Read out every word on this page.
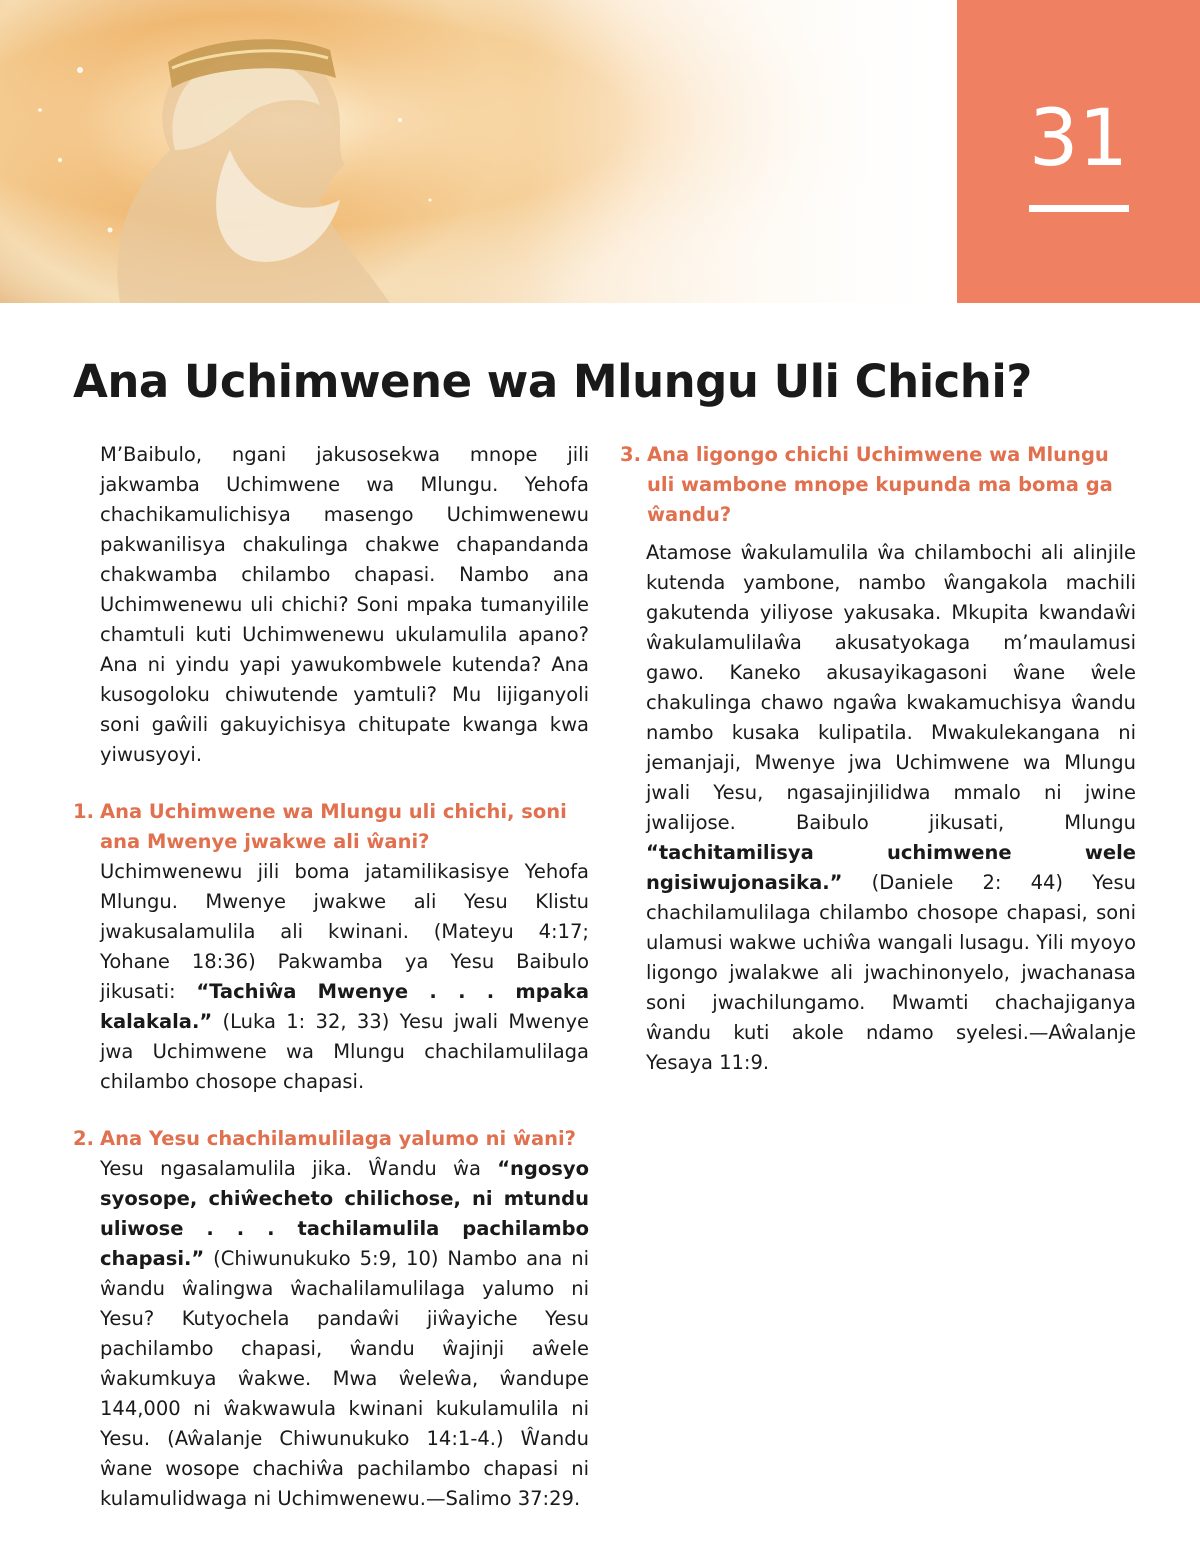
31
Ana Uchimwene wa Mlungu Uli Chichi?

M’Baibulo, ngani jakusosekwa mnope jili jakwamba Uchimwene wa Mlungu. Yehofa chachikamulichisya masengo Uchimwenewu pakwanilisya chakulinga chakwe chapandanda chakwamba chilambo chapasi. Nambo ana Uchimwenewu uli chichi? Soni mpaka tumanyilile chamtuli kuti Uchimwenewu ukulamulila apano? Ana ni yindu yapi yawukombwele kutenda? Ana kusogoloku chiwutende yamtuli? Mu lijiganyoli soni gaŵili gakuyichisya chitupate kwanga kwa yiwusyoyi.

1. Ana Uchimwene wa Mlungu uli chichi, soni ana Mwenye jwakwe ali ŵani?

Uchimwenewu jili boma jatamilikasisye Yehofa Mlungu. Mwenye jwakwe ali Yesu Klistu jwakusalamulila ali kwinani. (Mateyu 4:17; Yohane 18:36) Pakwamba ya Yesu Baibulo jikusati: “Tachiŵa Mwenye . . . mpaka kalakala.” (Luka 1: 32, 33) Yesu jwali Mwenye jwa Uchimwene wa Mlungu chachilamulilaga chilambo chosope chapasi.

2. Ana Yesu chachilamulilaga yalumo ni ŵani?

Yesu ngasalamulila jika. Ŵandu ŵa “ngosyo syosope, chiŵecheto chilichose, ni mtundu uliwose . . . tachilamulila pachilambo chapasi.” (Chiwunukuko 5:9, 10) Nambo ana ni ŵandu ŵalingwa ŵachalilamulilaga yalumo ni Yesu? Kutyochela pandaŵi jiŵayiche Yesu pachilambo chapasi, ŵandu ŵajinji aŵele ŵakumkuya ŵakwe. Mwa ŵeleŵa, ŵandupe 144,000 ni ŵakwawula kwinani kukulamulila ni Yesu. (Aŵalanje Chiwunukuko 14:1-4.) Ŵandu ŵane wosope chachiŵa pachilambo chapasi ni kulamulidwaga ni Uchimwenewu.—Salimo 37:29.

3. Ana ligongo chichi Uchimwene wa Mlungu uli wambone mnope kupunda ma boma ga ŵandu?

Atamose ŵakulamulila ŵa chilambochi ali alinjile kutenda yambone, nambo ŵangakola machili gakutenda yiliyose yakusaka. Mkupita kwandaŵi ŵakulamulilaŵa akusatyokaga m’maulamusi gawo. Kaneko akusayikagasoni ŵane ŵele chakulinga chawo ngaŵa kwakamuchisya ŵandu nambo kusaka kulipatila. Mwakulekangana ni jemanjaji, Mwenye jwa Uchimwene wa Mlungu jwali Yesu, ngasajinjilidwa mmalo ni jwine jwalijose. Baibulo jikusati, Mlungu “tachitamilisya uchimwene wele ngisiwujonasika.” (Daniele 2: 44) Yesu chachilamulilaga chilambo chosope chapasi, soni ulamusi wakwe uchiŵa wangali lusagu. Yili myoyo ligongo jwalakwe ali jwachinonyelo, jwachanasa soni jwachilungamo. Mwamti chachajiganya ŵandu kuti akole ndamo syelesi.—Aŵalanje Yesaya 11:9.
